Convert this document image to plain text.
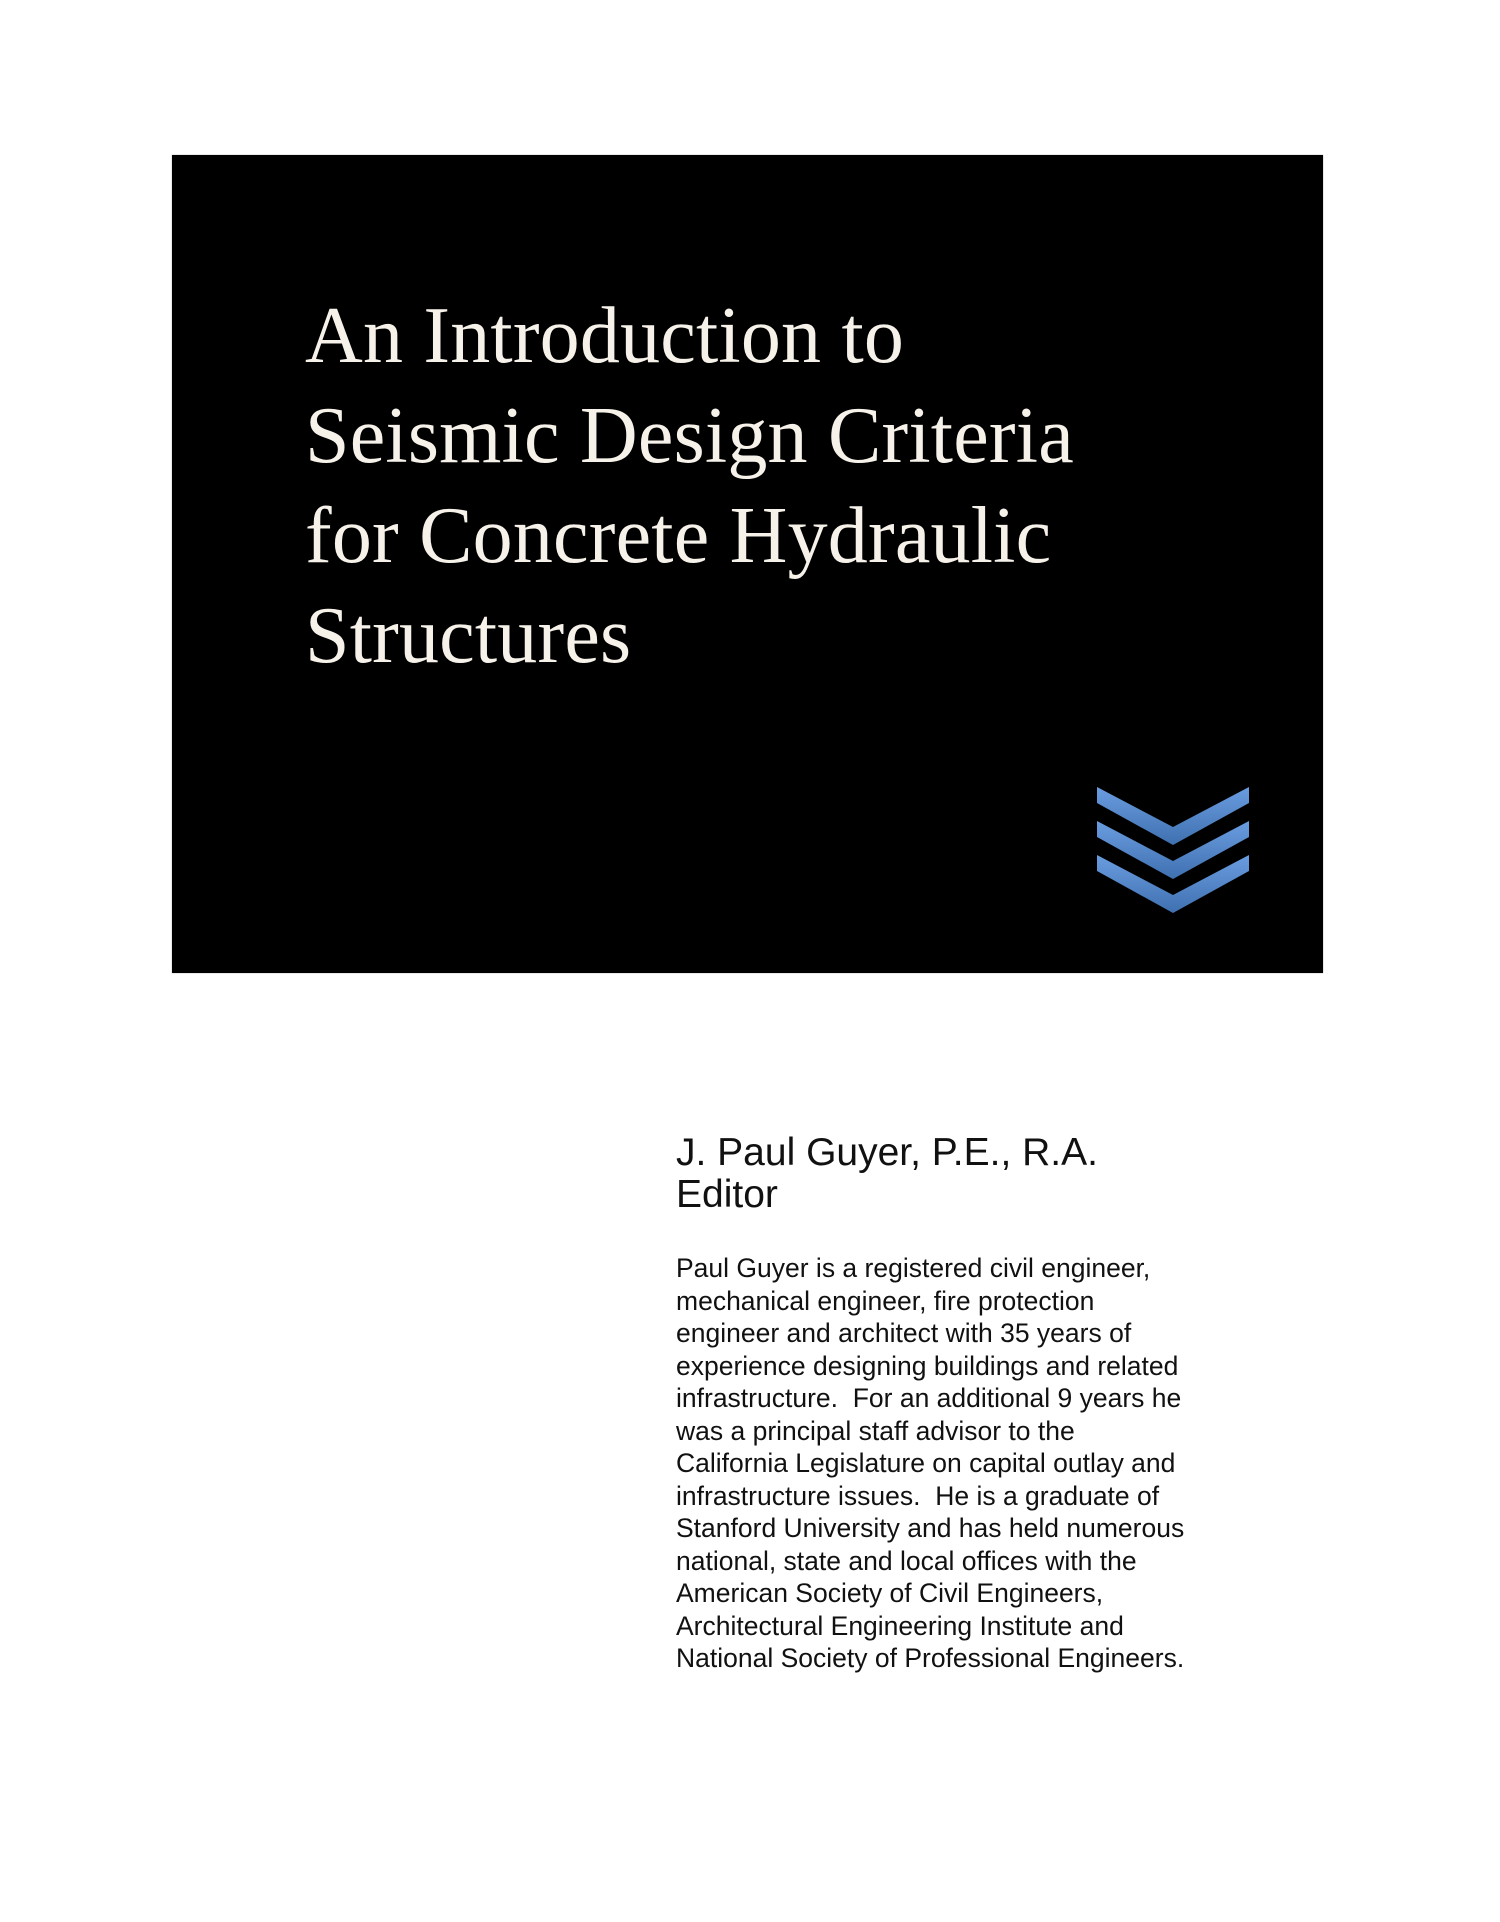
An Introduction to
Seismic Design Criteria
for Concrete Hydraulic
Structures

J. Paul Guyer, P.E., R.A.

Editor

Paul Guyer is a registered civil engineer,
mechanical engineer, fire protection
engineer and architect with 35 years of
experience designing buildings and related
infrastructure.  For an additional 9 years he
was a principal staff advisor to the
California Legislature on capital outlay and
infrastructure issues.  He is a graduate of
Stanford University and has held numerous
national, state and local offices with the
American Society of Civil Engineers,
Architectural Engineering Institute and
National Society of Professional Engineers.
